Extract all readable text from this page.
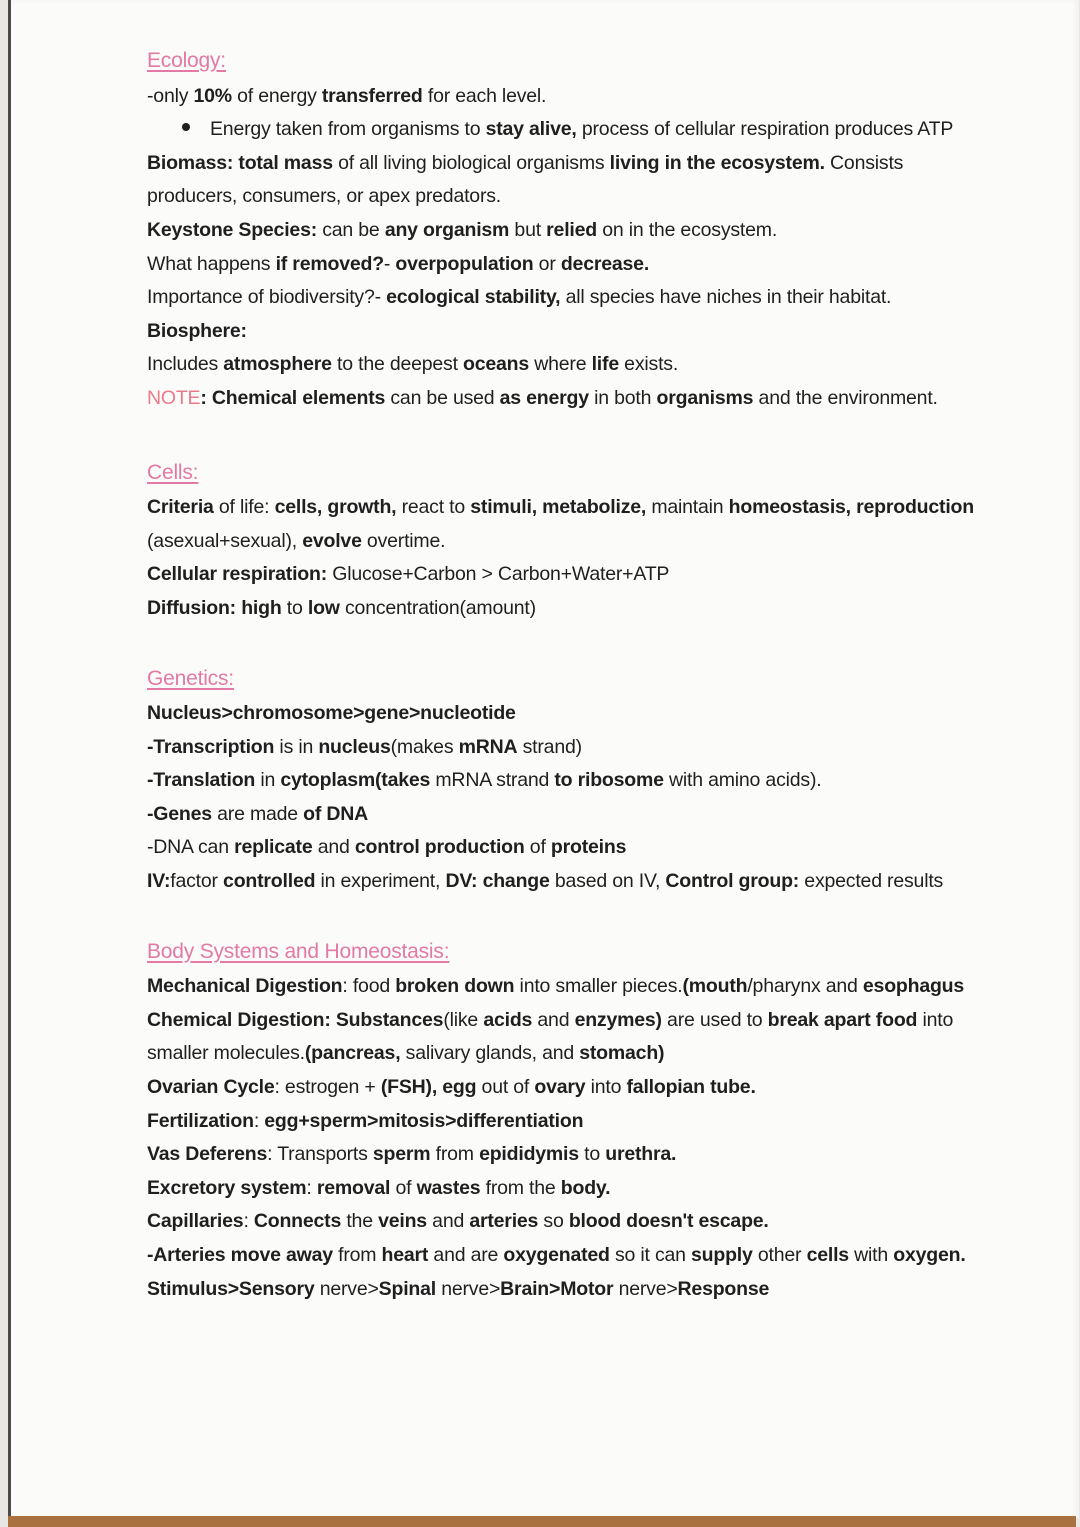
Ecology:
-only 10% of energy transferred for each level.
Energy taken from organisms to stay alive, process of cellular respiration produces ATP
Biomass: total mass of all living biological organisms living in the ecosystem. Consists
producers, consumers, or apex predators.
Keystone Species: can be any organism but relied on in the ecosystem.
What happens if removed?- overpopulation or decrease.
Importance of biodiversity?- ecological stability, all species have niches in their habitat.
Biosphere:
Includes atmosphere to the deepest oceans where life exists.
NOTE: Chemical elements can be used as energy in both organisms and the environment.
Cells:
Criteria of life: cells, growth, react to stimuli, metabolize, maintain homeostasis, reproduction
(asexual+sexual), evolve overtime.
Cellular respiration: Glucose+Carbon > Carbon+Water+ATP
Diffusion: high to low concentration(amount)
Genetics:
Nucleus>chromosome>gene>nucleotide
-Transcription is in nucleus(makes mRNA strand)
-Translation in cytoplasm(takes mRNA strand to ribosome with amino acids).
-Genes are made of DNA
-DNA can replicate and control production of proteins
IV:factor controlled in experiment, DV: change based on IV, Control group: expected results
Body Systems and Homeostasis:
Mechanical Digestion: food broken down into smaller pieces.(mouth/pharynx and esophagus
Chemical Digestion: Substances(like acids and enzymes) are used to break apart food into
smaller molecules.(pancreas, salivary glands, and stomach)
Ovarian Cycle: estrogen + (FSH), egg out of ovary into fallopian tube.
Fertilization: egg+sperm>mitosis>differentiation
Vas Deferens: Transports sperm from epididymis to urethra.
Excretory system: removal of wastes from the body.
Capillaries: Connects the veins and arteries so blood doesn't escape.
-Arteries move away from heart and are oxygenated so it can supply other cells with oxygen.
Stimulus>Sensory nerve>Spinal nerve>Brain>Motor nerve>Response
